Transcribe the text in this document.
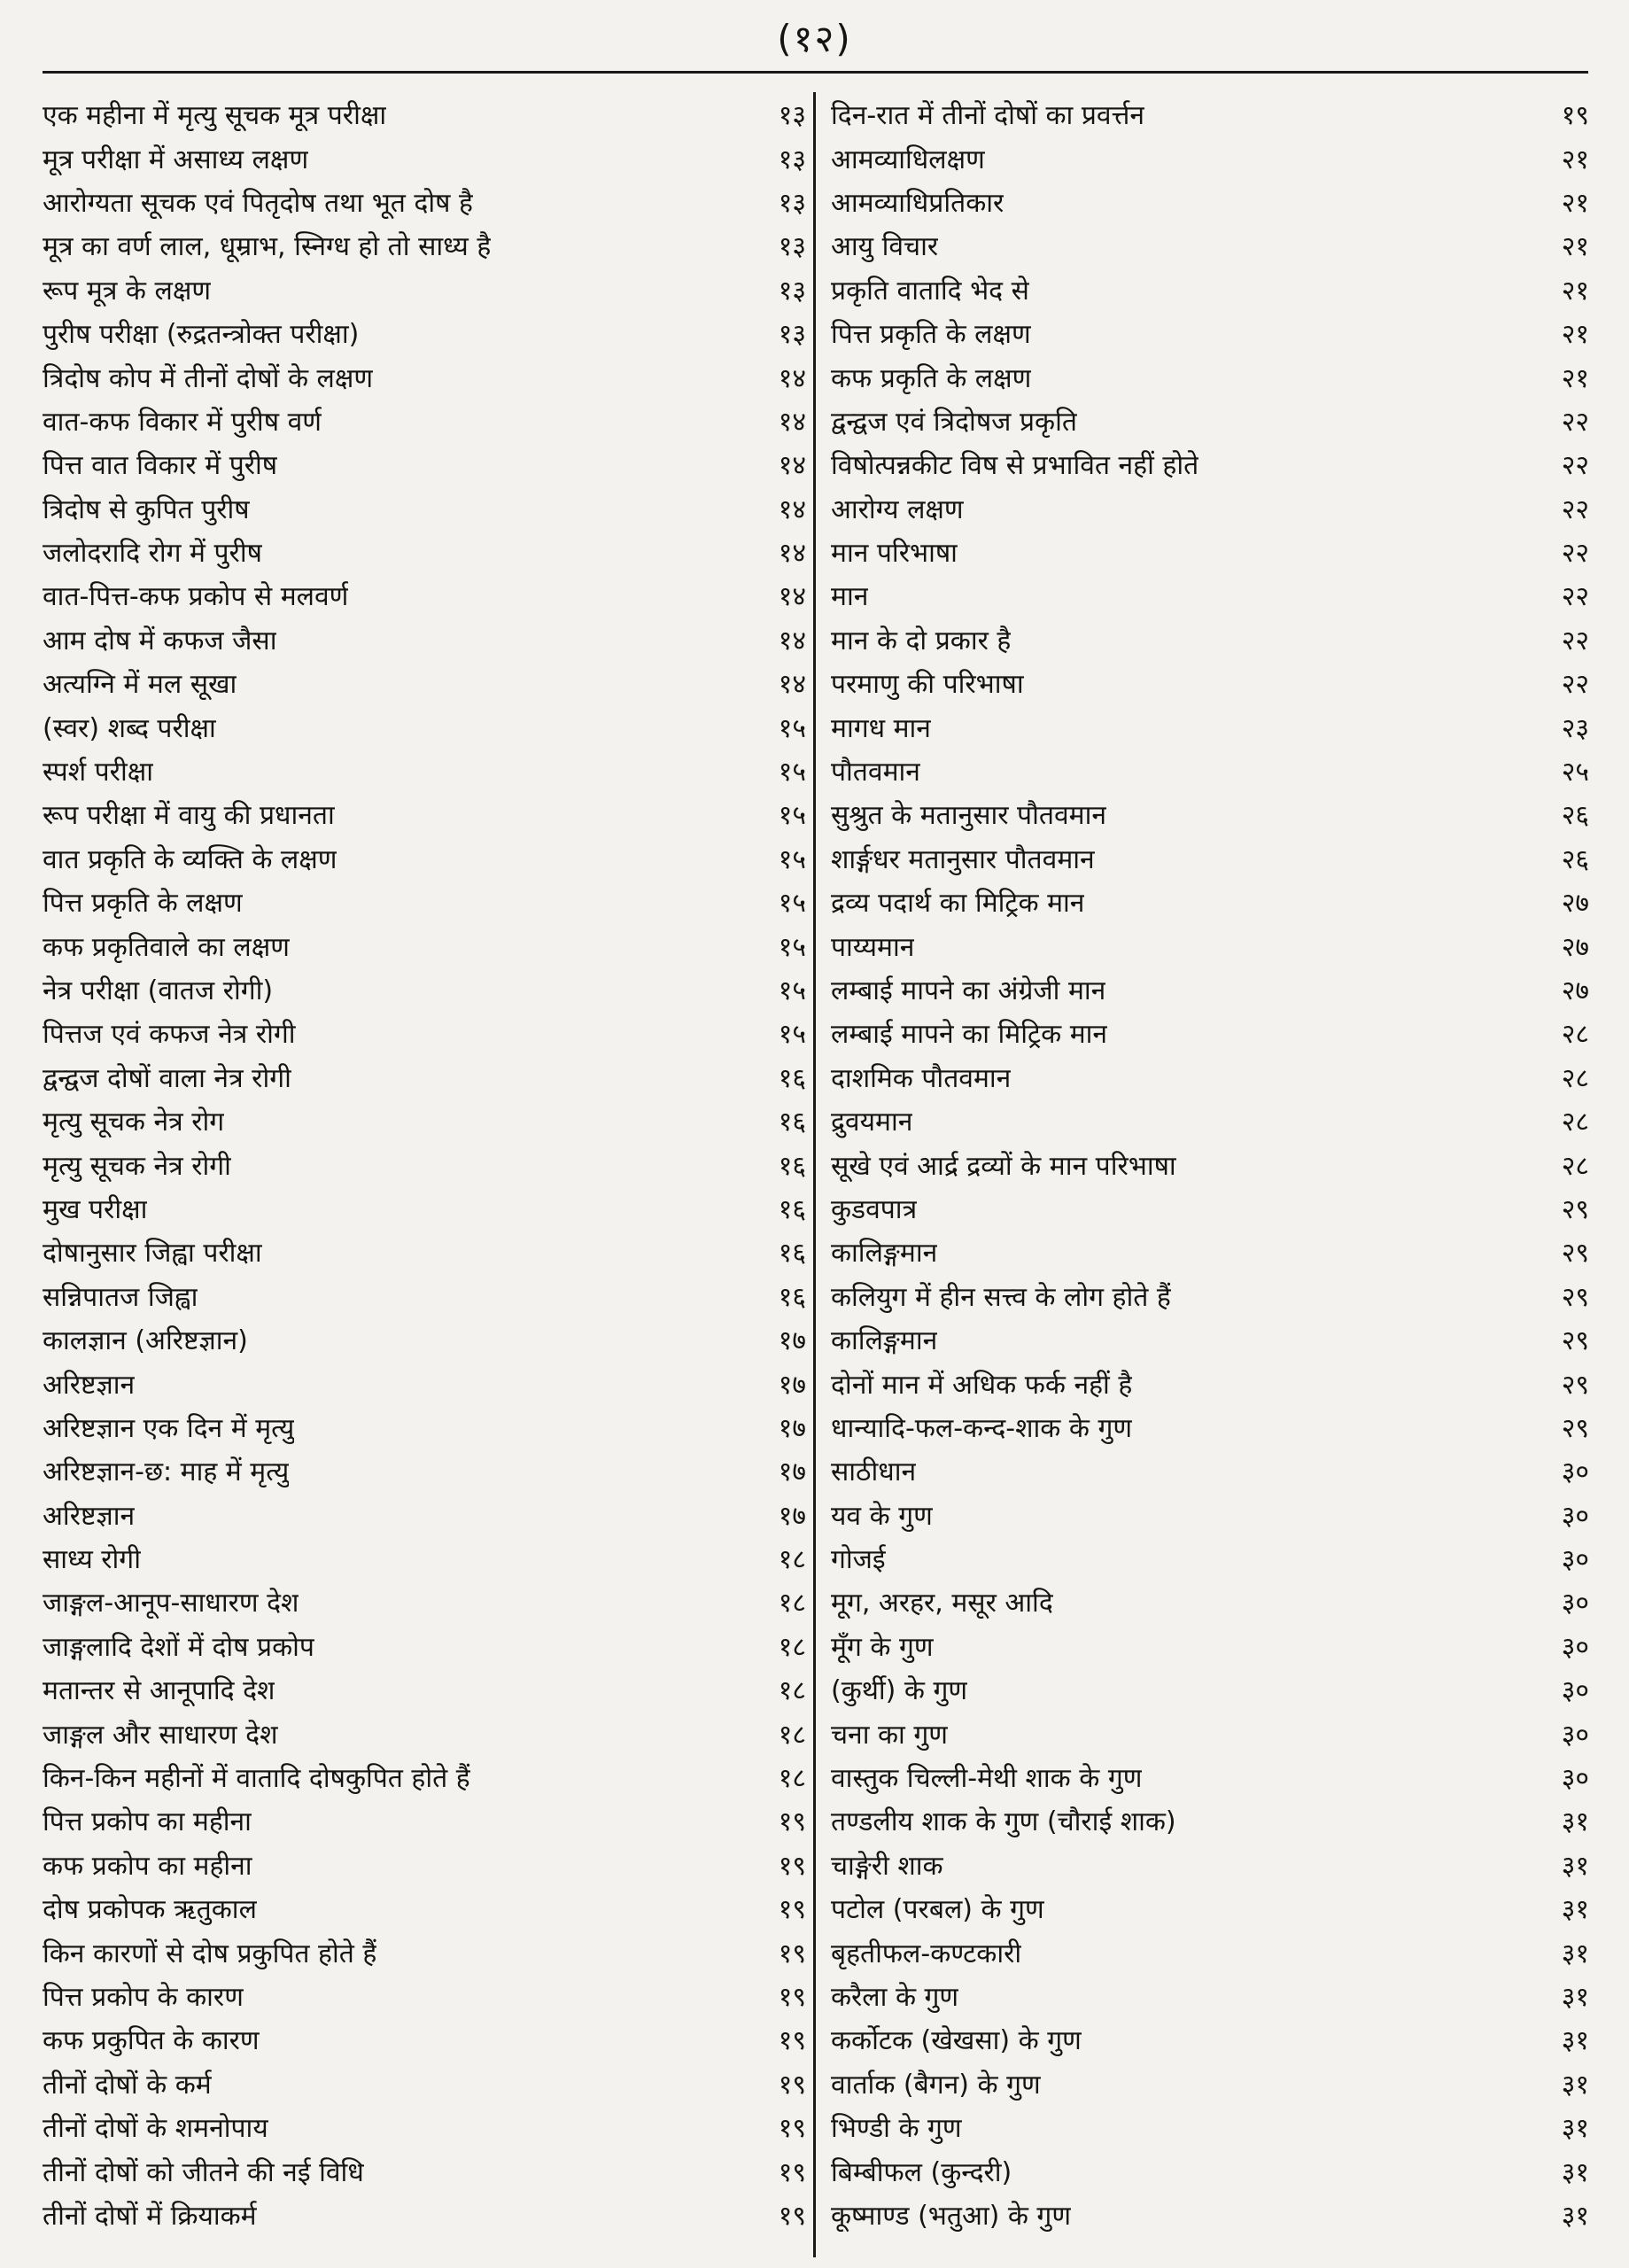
(१२)
एक महीना में मृत्यु सूचक मूत्र परीक्षा	१३
मूत्र परीक्षा में असाध्य लक्षण	१३
आरोग्यता सूचक एवं पितृदोष तथा भूत दोष है	१३
मूत्र का वर्ण लाल, धूम्राभ, स्निग्ध हो तो साध्य है	१३
रूप मूत्र के लक्षण	१३
पुरीष परीक्षा (रुद्रतन्त्रोक्त परीक्षा)	१३
त्रिदोष कोप में तीनों दोषों के लक्षण	१४
वात-कफ विकार में पुरीष वर्ण	१४
पित्त वात विकार में पुरीष	१४
त्रिदोष से कुपित पुरीष	१४
जलोदरादि रोग में पुरीष	१४
वात-पित्त-कफ प्रकोप से मलवर्ण	१४
आम दोष में कफज जैसा	१४
अत्यग्नि में मल सूखा	१४
(स्वर) शब्द परीक्षा	१५
स्पर्श परीक्षा	१५
रूप परीक्षा में वायु की प्रधानता	१५
वात प्रकृति के व्यक्ति के लक्षण	१५
पित्त प्रकृति के लक्षण	१५
कफ प्रकृतिवाले का लक्षण	१५
नेत्र परीक्षा (वातज रोगी)	१५
पित्तज एवं कफज नेत्र रोगी	१५
द्वन्द्वज दोषों वाला नेत्र रोगी	१६
मृत्यु सूचक नेत्र रोग	१६
मृत्यु सूचक नेत्र रोगी	१६
मुख परीक्षा	१६
दोषानुसार जिह्वा परीक्षा	१६
सन्निपातज जिह्वा	१६
कालज्ञान (अरिष्टज्ञान)	१७
अरिष्टज्ञान	१७
अरिष्टज्ञान एक दिन में मृत्यु	१७
अरिष्टज्ञान-छ: माह में मृत्यु	१७
अरिष्टज्ञान	१७
साध्य रोगी	१८
जाङ्गल-आनूप-साधारण देश	१८
जाङ्गलादि देशों में दोष प्रकोप	१८
मतान्तर से आनूपादि देश	१८
जाङ्गल और साधारण देश	१८
किन-किन महीनों में वातादि दोषकुपित होते हैं	१८
पित्त प्रकोप का महीना	१९
कफ प्रकोप का महीना	१९
दोष प्रकोपक ऋतुकाल	१९
किन कारणों से दोष प्रकुपित होते हैं	१९
पित्त प्रकोप के कारण	१९
कफ प्रकुपित के कारण	१९
तीनों दोषों के कर्म	१९
तीनों दोषों के शमनोपाय	१९
तीनों दोषों को जीतने की नई विधि	१९
तीनों दोषों में क्रियाकर्म	१९
दिन-रात में तीनों दोषों का प्रवर्त्तन	१९
आमव्याधिलक्षण	२१
आमव्याधिप्रतिकार	२१
आयु विचार	२१
प्रकृति वातादि भेद से	२१
पित्त प्रकृति के लक्षण	२१
कफ प्रकृति के लक्षण	२१
द्वन्द्वज एवं त्रिदोषज प्रकृति	२२
विषोत्पन्नकीट विष से प्रभावित नहीं होते	२२
आरोग्य लक्षण	२२
मान परिभाषा	२२
मान	२२
मान के दो प्रकार है	२२
परमाणु की परिभाषा	२२
मागध मान	२३
पौतवमान	२५
सुश्रुत के मतानुसार पौतवमान	२६
शार्ङ्गधर मतानुसार पौतवमान	२६
द्रव्य पदार्थ का मिट्रिक मान	२७
पाय्यमान	२७
लम्बाई मापने का अंग्रेजी मान	२७
लम्बाई मापने का मिट्रिक मान	२८
दाशमिक पौतवमान	२८
द्रुवयमान	२८
सूखे एवं आर्द्र द्रव्यों के मान परिभाषा	२८
कुडवपात्र	२९
कालिङ्गमान	२९
कलियुग में हीन सत्त्व के लोग होते हैं	२९
कालिङ्गमान	२९
दोनों मान में अधिक फर्क नहीं है	२९
धान्यादि-फल-कन्द-शाक के गुण	२९
साठीधान	३०
यव के गुण	३०
गोजई	३०
मूग, अरहर, मसूर आदि	३०
मूँग के गुण	३०
(कुर्थी) के गुण	३०
चना का गुण	३०
वास्तुक चिल्ली-मेथी शाक के गुण	३०
तण्डलीय शाक के गुण (चौराई शाक)	३१
चाङ्गेरी शाक	३१
पटोल (परबल) के गुण	३१
बृहतीफल-कण्टकारी	३१
करैला के गुण	३१
कर्कोटक (खेखसा) के गुण	३१
वार्ताक (बैगन) के गुण	३१
भिण्डी के गुण	३१
बिम्बीफल (कुन्दरी)	३१
कूष्माण्ड (भतुआ) के गुण	३१
